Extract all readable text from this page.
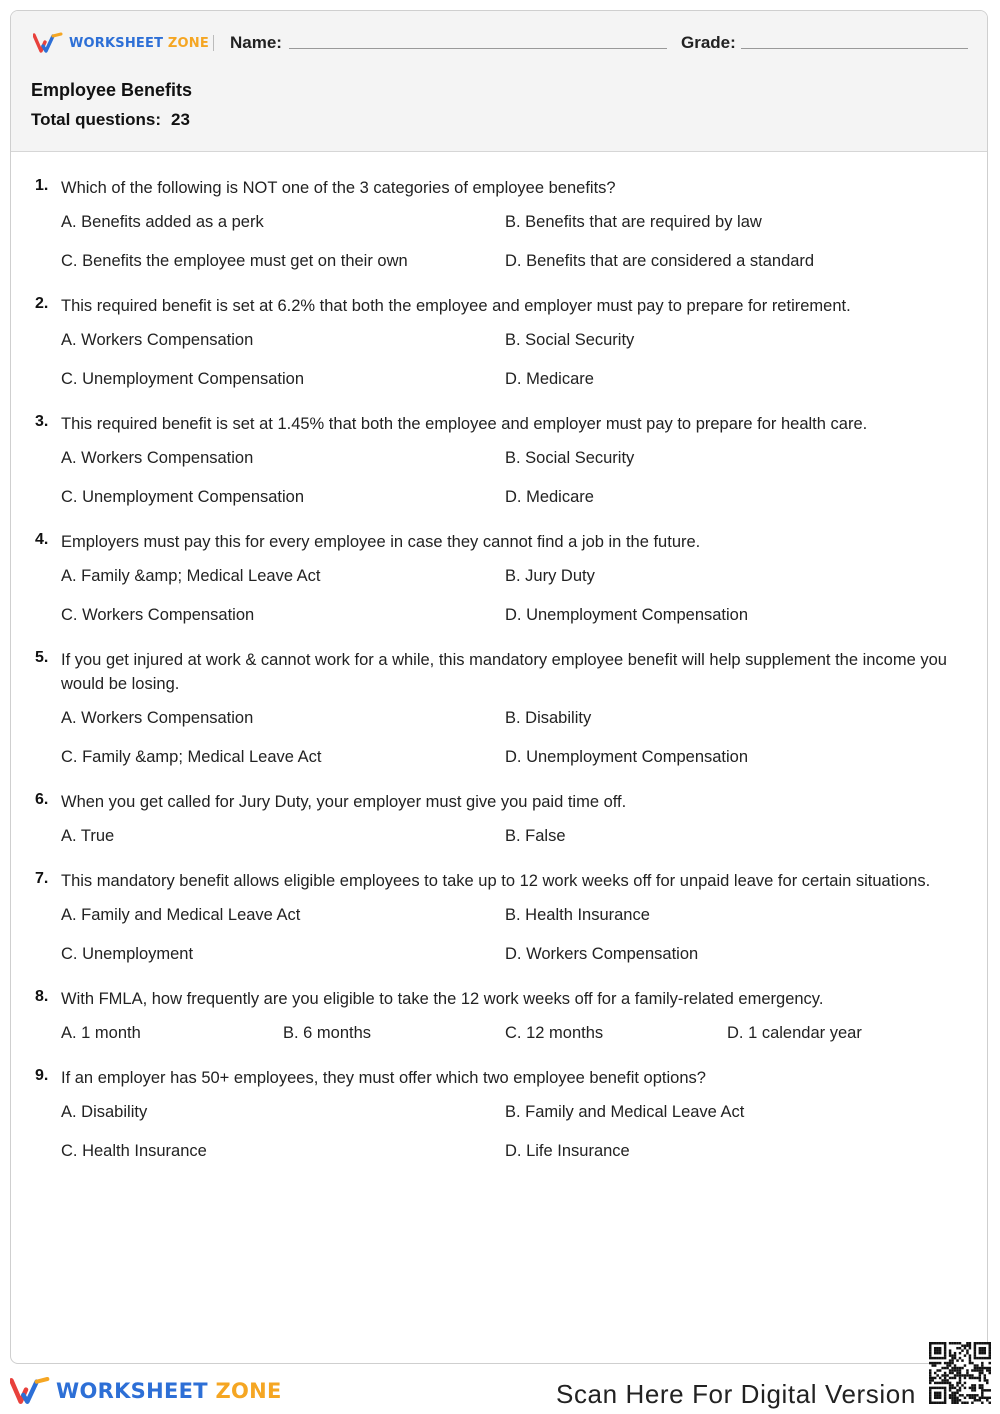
WORKSHEET ZONE Name:	Grade:
Employee Benefits
Total questions: 23
1. Which of the following is NOT one of the 3 categories of employee benefits?
A. Benefits added as a perk	B. Benefits that are required by law
C. Benefits the employee must get on their own	D. Benefits that are considered a standard
2. This required benefit is set at 6.2% that both the employee and employer must pay to prepare for retirement.
A. Workers Compensation	B. Social Security
C. Unemployment Compensation	D. Medicare
3. This required benefit is set at 1.45% that both the employee and employer must pay to prepare for health care.
A. Workers Compensation	B. Social Security
C. Unemployment Compensation	D. Medicare
4. Employers must pay this for every employee in case they cannot find a job in the future.
A. Family &amp; Medical Leave Act	B. Jury Duty
C. Workers Compensation	D. Unemployment Compensation
5. If you get injured at work & cannot work for a while, this mandatory employee benefit will help supplement the income you would be losing.
A. Workers Compensation	B. Disability
C. Family &amp; Medical Leave Act	D. Unemployment Compensation
6. When you get called for Jury Duty, your employer must give you paid time off.
A. True	B. False
7. This mandatory benefit allows eligible employees to take up to 12 work weeks off for unpaid leave for certain situations.
A. Family and Medical Leave Act	B. Health Insurance
C. Unemployment	D. Workers Compensation
8. With FMLA, how frequently are you eligible to take the 12 work weeks off for a family-related emergency.
A. 1 month	B. 6 months	C. 12 months	D. 1 calendar year
9. If an employer has 50+ employees, they must offer which two employee benefit options?
A. Disability	B. Family and Medical Leave Act
C. Health Insurance	D. Life Insurance
WORKSHEET ZONE	Scan Here For Digital Version
